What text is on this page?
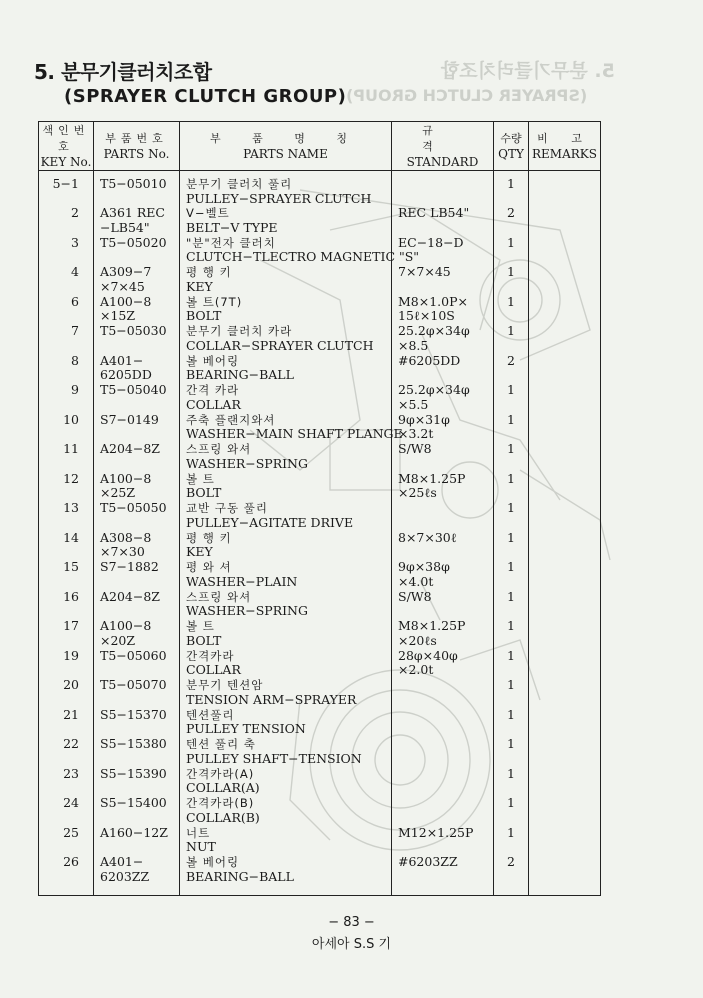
5. 분무기클러치조합
(SPRAYER CLUTCH GROUP)
5. 분무기클러치조합
(SPRAYER CLUTCH GROUP)
색인번호
KEY No.	부품번호
PARTS No.	부 품 명 칭
PARTS NAME	규 격
STANDARD	수량
QTY	비 고
REMARKS

5−1	T5−05010	분무기 클러치 풀리
PULLEY−SPRAYER CLUTCH		1	

2	A361 REC
−LB54"	V−벨트
BELT−V TYPE	REC LB54"	2	

3	T5−05020	"분"전자 클러치
CLUTCH−TLECTRO MAGNETIC "S"	EC−18−D	1	

4	A309−7
×7×45	평 행 키
KEY	7×7×45	1	

6	A100−8
×15Z	볼 트(7T)
BOLT	M8×1.0P×
15ℓ×10S	1	

7	T5−05030	분무기 클러치 카라
COLLAR−SPRAYER CLUTCH	25.2φ×34φ
×8.5	1	

8	A401−
6205DD	볼 베어링
BEARING−BALL	#6205DD	2	

9	T5−05040	간격 카라
COLLAR	25.2φ×34φ
×5.5	1	

10	S7−0149	주축 플랜지와셔
WASHER−MAIN SHAFT PLANGE	9φ×31φ
×3.2t	1	

11	A204−8Z	스프링 와셔
WASHER−SPRING	S/W8	1	

12	A100−8
×25Z	볼 트
BOLT	M8×1.25P
×25ℓs	1	

13	T5−05050	교반 구동 풀리
PULLEY−AGITATE DRIVE		1	

14	A308−8
×7×30	평 행 키
KEY	8×7×30ℓ	1	

15	S7−1882	평 와 셔
WASHER−PLAIN	9φ×38φ
×4.0t	1	

16	A204−8Z	스프링 와셔
WASHER−SPRING	S/W8	1	

17	A100−8
×20Z	볼 트
BOLT	M8×1.25P
×20ℓs	1	

19	T5−05060	간격카라
COLLAR	28φ×40φ
×2.0t	1	

20	T5−05070	분무기 텐션암
TENSION ARM−SPRAYER		1	

21	S5−15370	텐션풀리
PULLEY TENSION		1	

22	S5−15380	텐션 풀리 축
PULLEY SHAFT−TENSION		1	

23	S5−15390	간격카라(A)
COLLAR(A)		1	

24	S5−15400	간격카라(B)
COLLAR(B)		1	

25	A160−12Z	너트
NUT	M12×1.25P	1	

26	A401−
6203ZZ	볼 베어링
BEARING−BALL	#6203ZZ	2	

− 83 −
아세아 S.S 기
